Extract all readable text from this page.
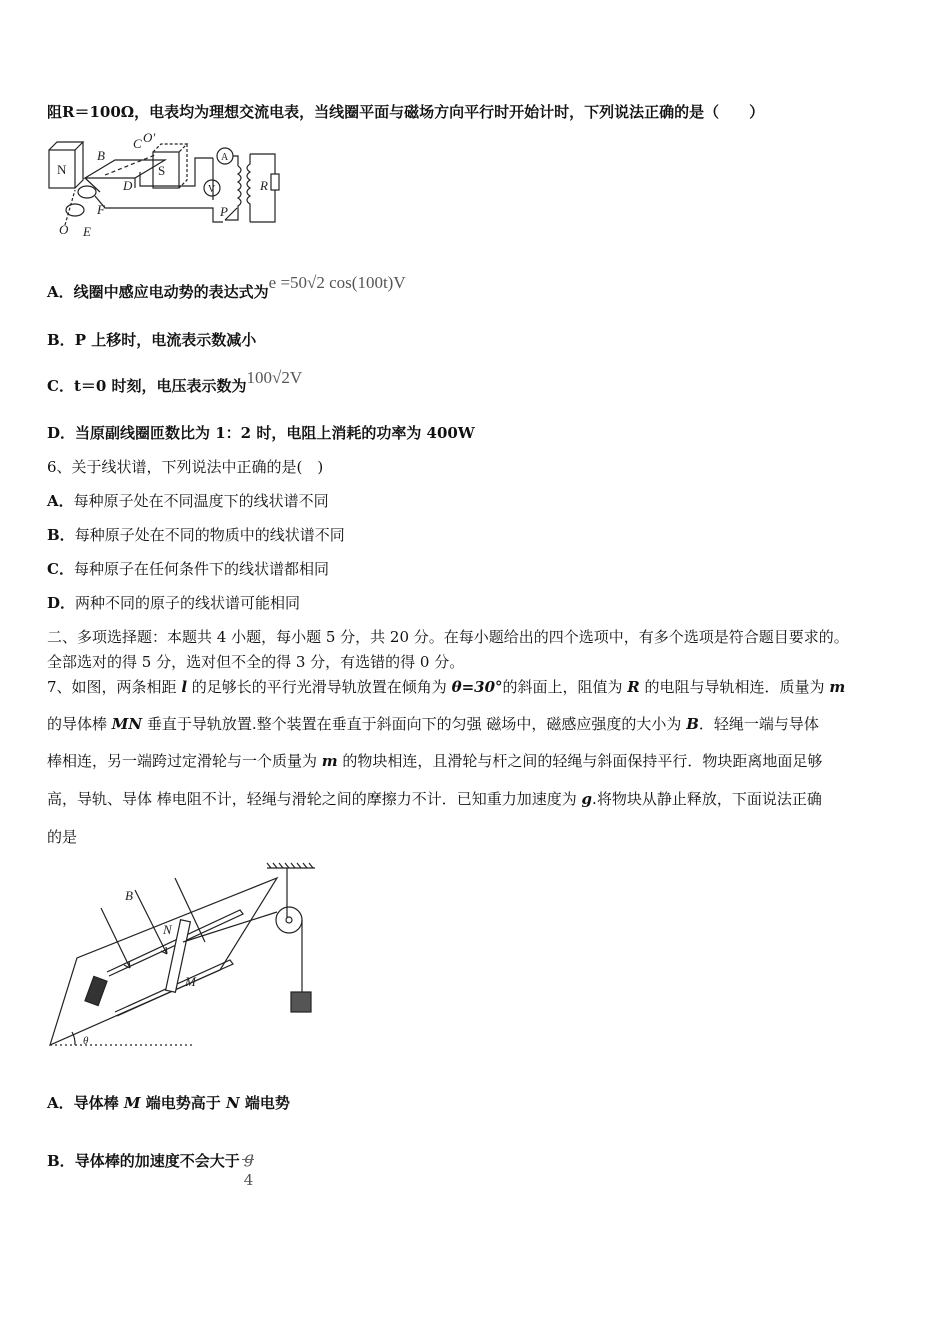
阻R＝100Ω，电表均为理想交流电表，当线圈平面与磁场方向平行时开始计时，下列说法正确的是（　　）
N	S
B
C O'
D
F
O E
A
V	R
P
A．线圈中感应电动势的表达式为e =50√2 cos(100t)V
B．P 上移时，电流表示数减小
C．t＝0 时刻，电压表示数为100√2V
D．当原副线圈匝数比为 1：2 时，电阻上消耗的功率为 400W
6、关于线状谱，下列说法中正确的是(　)
A．每种原子处在不同温度下的线状谱不同
B．每种原子处在不同的物质中的线状谱不同
C．每种原子在任何条件下的线状谱都相同
D．两种不同的原子的线状谱可能相同
二、多项选择题：本题共 4 小题，每小题 5 分，共 20 分。在每小题给出的四个选项中，有多个选项是符合题目要求的。
全部选对的得 5 分，选对但不全的得 3 分，有选错的得 0 分。
7、如图，两条相距 l 的足够长的平行光滑导轨放置在倾角为 θ=30°的斜面上，阻值为 R 的电阻与导轨相连．质量为 m
的导体棒 MN 垂直于导轨放置.整个装置在垂直于斜面向下的匀强 磁场中，磁感应强度的大小为 B．轻绳一端与导体
棒相连，另一端跨过定滑轮与一个质量为 m 的物块相连，且滑轮与杆之间的轻绳与斜面保持平行．物块距离地面足够
高，导轨、导体 棒电阻不计，轻绳与滑轮之间的摩擦力不计．已知重力加速度为 g.将物块从静止释放，下面说法正确
的是
B
N
M
θ
A．导体棒 M 端电势高于 N 端电势
B．导体棒的加速度不会大于 g
4
